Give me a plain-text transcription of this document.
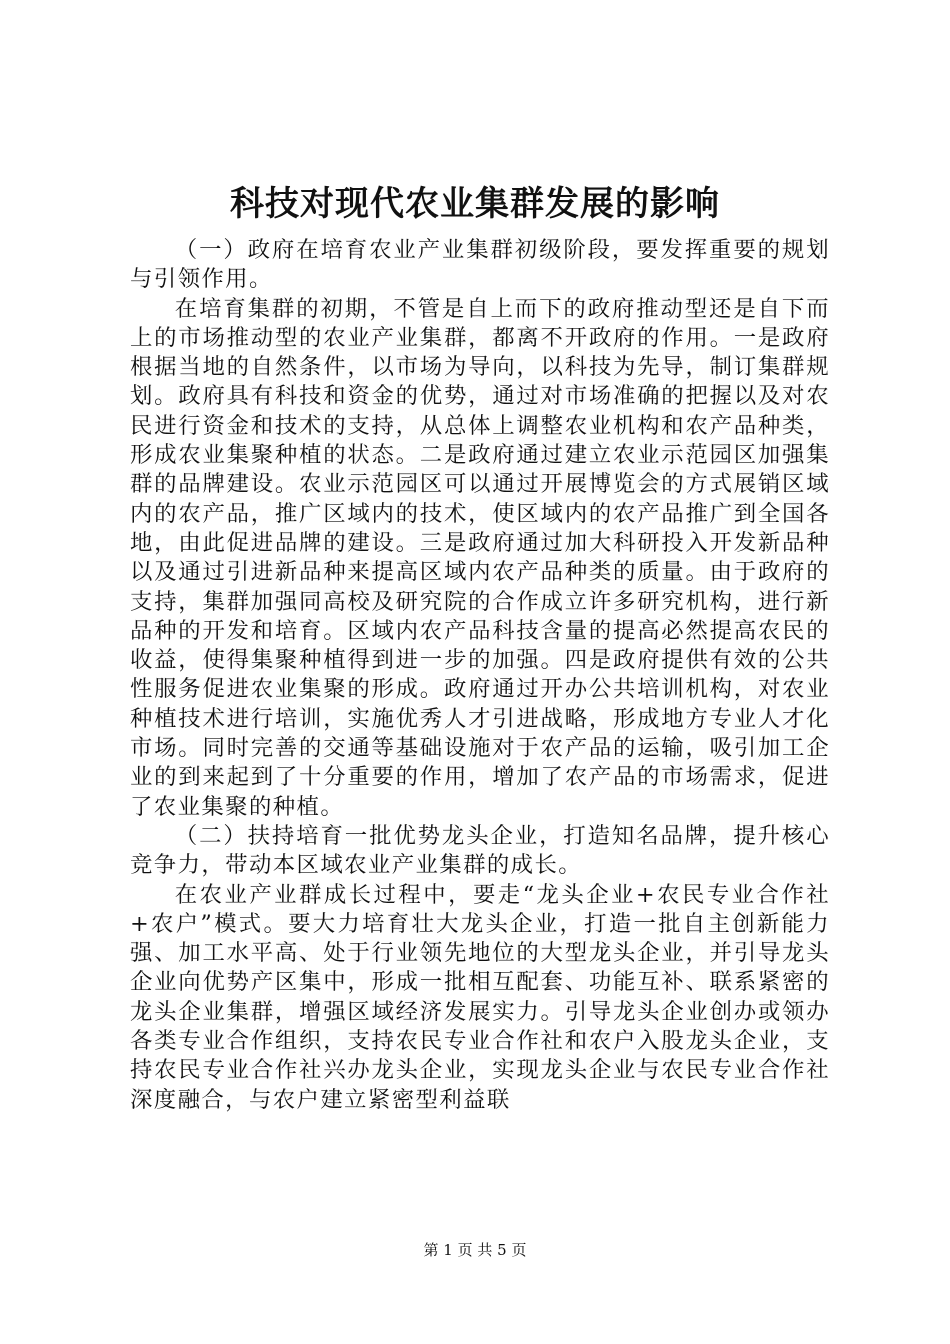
科技对现代农业集群发展的影响

（一）政府在培育农业产业集群初级阶段，要发挥重要的规划与引领作用。

在培育集群的初期，不管是自上而下的政府推动型还是自下而上的市场推动型的农业产业集群，都离不开政府的作用。一是政府根据当地的自然条件，以市场为导向，以科技为先导，制订集群规划。政府具有科技和资金的优势，通过对市场准确的把握以及对农民进行资金和技术的支持，从总体上调整农业机构和农产品种类，形成农业集聚种植的状态。二是政府通过建立农业示范园区加强集群的品牌建设。农业示范园区可以通过开展博览会的方式展销区域内的农产品，推广区域内的技术，使区域内的农产品推广到全国各地，由此促进品牌的建设。三是政府通过加大科研投入开发新品种以及通过引进新品种来提高区域内农产品种类的质量。由于政府的支持，集群加强同高校及研究院的合作成立许多研究机构，进行新品种的开发和培育。区域内农产品科技含量的提高必然提高农民的收益，使得集聚种植得到进一步的加强。四是政府提供有效的公共性服务促进农业集聚的形成。政府通过开办公共培训机构，对农业种植技术进行培训，实施优秀人才引进战略，形成地方专业人才化市场。同时完善的交通等基础设施对于农产品的运输，吸引加工企业的到来起到了十分重要的作用，增加了农产品的市场需求，促进了农业集聚的种植。

（二）扶持培育一批优势龙头企业，打造知名品牌，提升核心竞争力，带动本区域农业产业集群的成长。

在农业产业群成长过程中，要走“龙头企业+农民专业合作社+农户”模式。要大力培育壮大龙头企业，打造一批自主创新能力强、加工水平高、处于行业领先地位的大型龙头企业，并引导龙头企业向优势产区集中，形成一批相互配套、功能互补、联系紧密的龙头企业集群，增强区域经济发展实力。引导龙头企业创办或领办各类专业合作组织，支持农民专业合作社和农户入股龙头企业，支持农民专业合作社兴办龙头企业，实现龙头企业与农民专业合作社深度融合，与农户建立紧密型利益联

第 1 页 共 5 页
